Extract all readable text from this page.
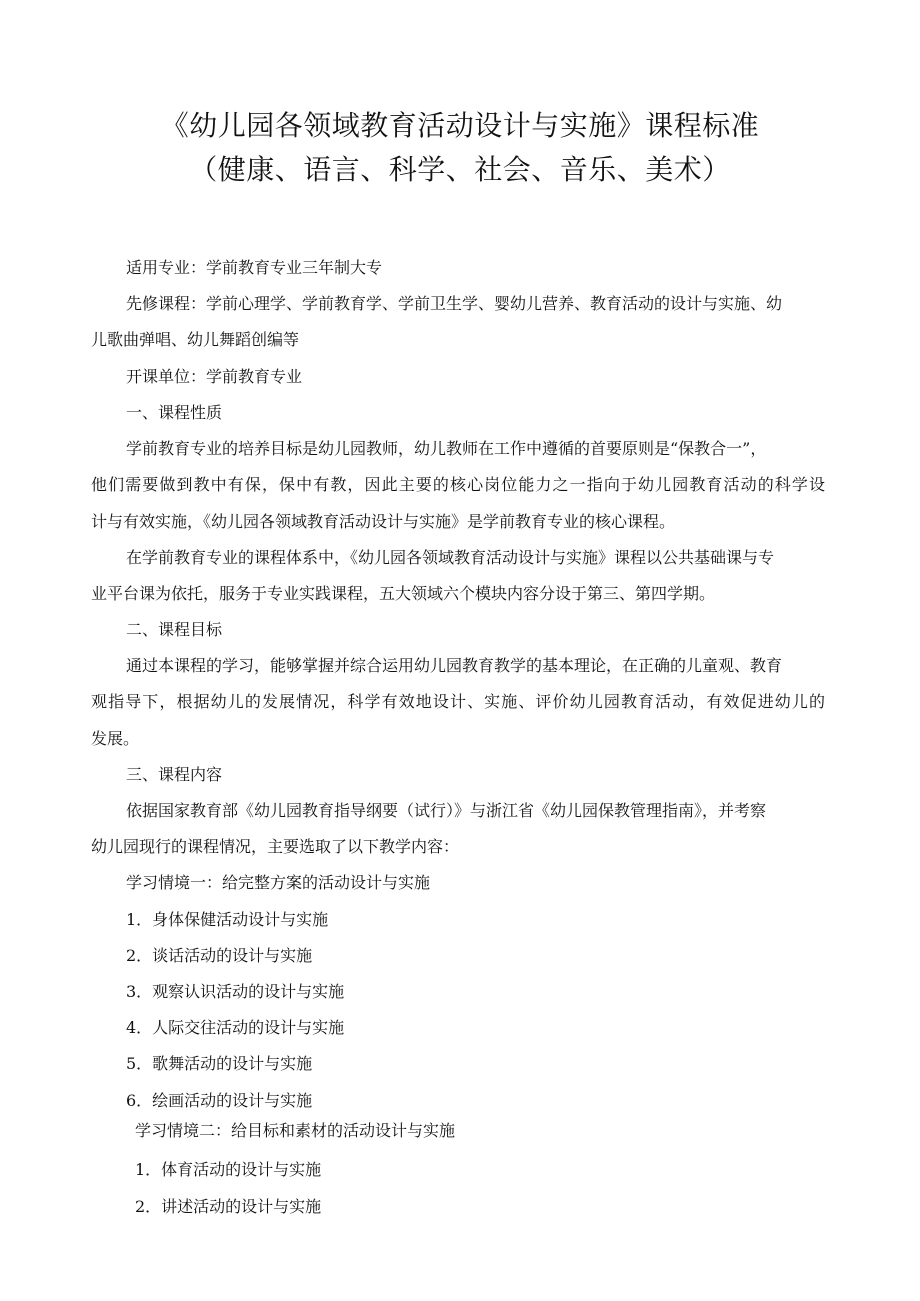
《幼儿园各领域教育活动设计与实施》课程标准
（健康、语言、科学、社会、音乐、美术）
适用专业：学前教育专业三年制大专
先修课程：学前心理学、学前教育学、学前卫生学、婴幼儿营养、教育活动的设计与实施、幼
儿歌曲弹唱、幼儿舞蹈创编等
开课单位：学前教育专业
一、课程性质
学前教育专业的培养目标是幼儿园教师，幼儿教师在工作中遵循的首要原则是“保教合一”，
他们需要做到教中有保，保中有教，因此主要的核心岗位能力之一指向于幼儿园教育活动的科学设
计与有效实施，《幼儿园各领域教育活动设计与实施》是学前教育专业的核心课程。
在学前教育专业的课程体系中，《幼儿园各领域教育活动设计与实施》课程以公共基础课与专
业平台课为依托，服务于专业实践课程，五大领域六个模块内容分设于第三、第四学期。
二、课程目标
通过本课程的学习，能够掌握并综合运用幼儿园教育教学的基本理论，在正确的儿童观、教育
观指导下，根据幼儿的发展情况，科学有效地设计、实施、评价幼儿园教育活动，有效促进幼儿的
发展。
三、课程内容
依据国家教育部《幼儿园教育指导纲要（试行）》与浙江省《幼儿园保教管理指南》，并考察
幼儿园现行的课程情况，主要选取了以下教学内容：
学习情境一：给完整方案的活动设计与实施
1．身体保健活动设计与实施
2．谈话活动的设计与实施
3．观察认识活动的设计与实施
4．人际交往活动的设计与实施
5．歌舞活动的设计与实施
6．绘画活动的设计与实施
学习情境二：给目标和素材的活动设计与实施
1．体育活动的设计与实施
2．讲述活动的设计与实施
